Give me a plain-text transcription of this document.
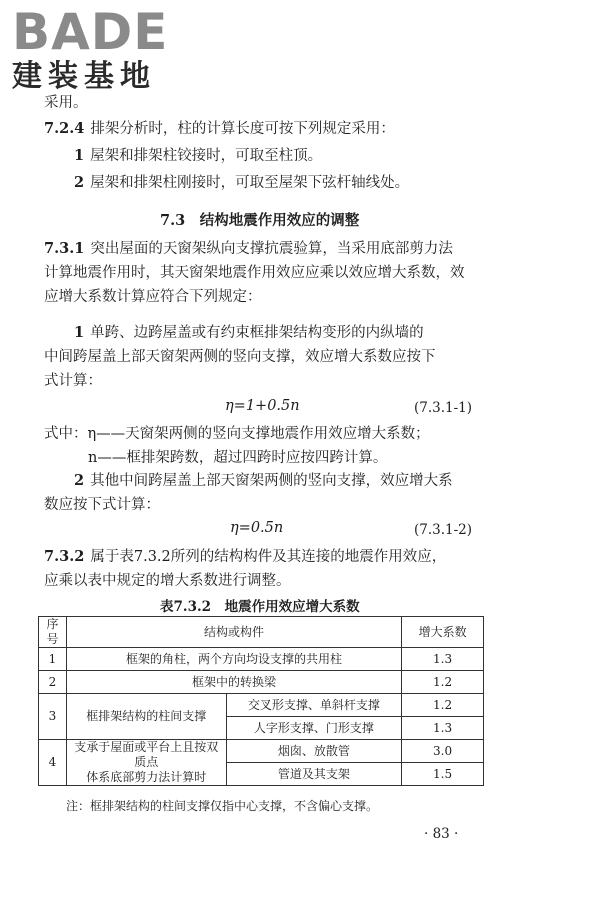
BADE
建装基地
采用。
7.2.4 排架分析时，柱的计算长度可按下列规定采用：
1 屋架和排架柱铰接时，可取至柱顶。
2 屋架和排架柱刚接时，可取至屋架下弦杆轴线处。
7.3　结构地震作用效应的调整
7.3.1 突出屋面的天窗架纵向支撑抗震验算，当采用底部剪力法
计算地震作用时，其天窗架地震作用效应应乘以效应增大系数，效
应增大系数计算应符合下列规定：
1 单跨、边跨屋盖或有约束框排架结构变形的内纵墙的
中间跨屋盖上部天窗架两侧的竖向支撑，效应增大系数应按下
式计算：
η=1+0.5n	(7.3.1-1)
式中：η——天窗架两侧的竖向支撑地震作用效应增大系数；
n——框排架跨数，超过四跨时应按四跨计算。
2 其他中间跨屋盖上部天窗架两侧的竖向支撑，效应增大系
数应按下式计算：
η=0.5n	(7.3.1-2)
7.3.2 属于表7.3.2所列的结构构件及其连接的地震作用效应，
应乘以表中规定的增大系数进行调整。
表7.3.2　地震作用效应增大系数
序号	结构或构件		增大系数
1	框架的角柱，两个方向均设支撑的共用柱		1.3
2	框架中的转换梁		1.2
3	框排架结构的柱间支撑	交叉形支撑、单斜杆支撑	1.2
		人字形支撑、门形支撑	1.3
4	支承于屋面或平台上且按双质点
体系底部剪力法计算时	烟囱、放散管	3.0
		管道及其支架	1.5
注：框排架结构的柱间支撑仅指中心支撑，不含偏心支撑。
· 83 ·
